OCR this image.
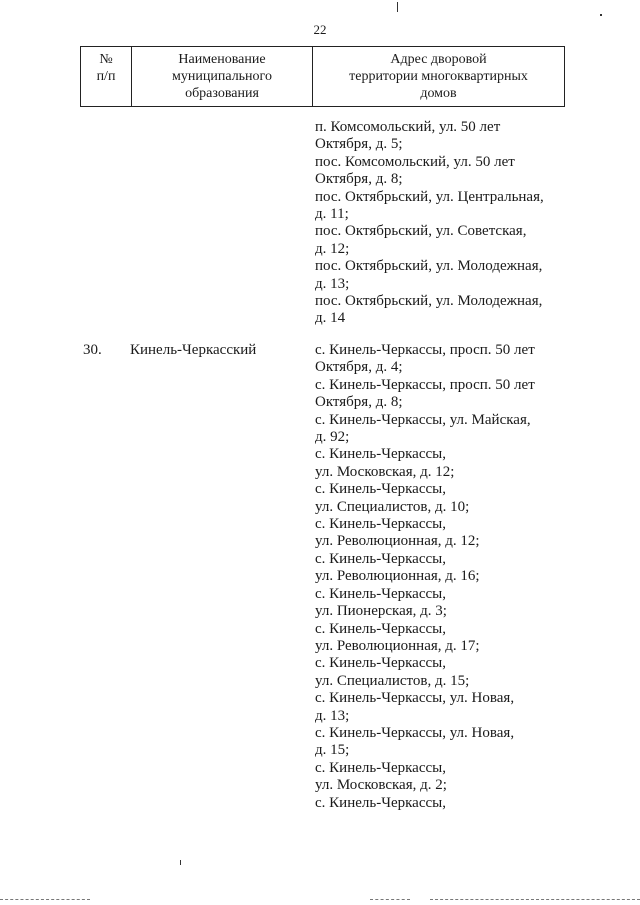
22
№
п/п
Наименование
муниципального
образования
Адрес дворовой
территории многоквартирных
домов
п. Комсомольский, ул. 50 лет
Октября, д. 5;
пос. Комсомольский, ул. 50 лет
Октября, д. 8;
пос. Октябрьский, ул. Центральная,
д. 11;
пос. Октябрьский, ул. Советская,
д. 12;
пос. Октябрьский, ул. Молодежная,
д. 13;
пос. Октябрьский, ул. Молодежная,
д. 14
30. Кинель-Черкасский	с. Кинель-Черкассы, просп. 50 лет
Октября, д. 4;
с. Кинель-Черкассы, просп. 50 лет
Октября, д. 8;
с. Кинель-Черкассы, ул. Майская,
д. 92;
с. Кинель-Черкассы,
ул. Московская, д. 12;
с. Кинель-Черкассы,
ул. Специалистов, д. 10;
с. Кинель-Черкассы,
ул. Революционная, д. 12;
с. Кинель-Черкассы,
ул. Революционная, д. 16;
с. Кинель-Черкассы,
ул. Пионерская, д. 3;
с. Кинель-Черкассы,
ул. Революционная, д. 17;
с. Кинель-Черкассы,
ул. Специалистов, д. 15;
с. Кинель-Черкассы, ул. Новая,
д. 13;
с. Кинель-Черкассы, ул. Новая,
д. 15;
с. Кинель-Черкассы,
ул. Московская, д. 2;
с. Кинель-Черкассы,
